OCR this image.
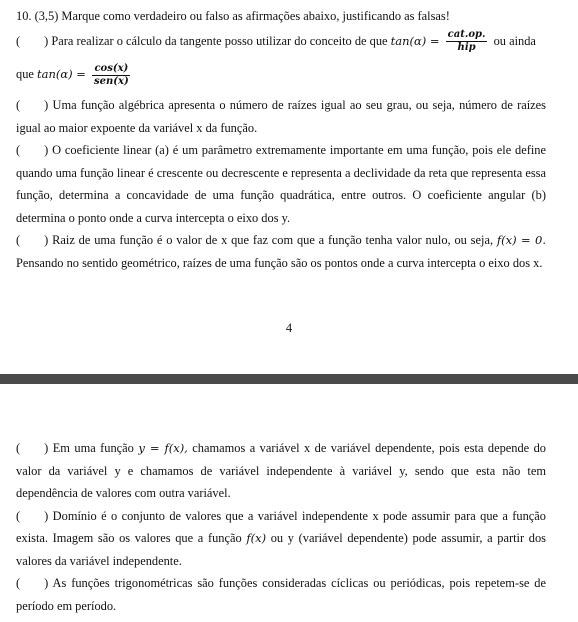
10. (3,5) Marque como verdadeiro ou falso as afirmações abaixo, justificando as falsas!

( ) Para realizar o cálculo da tangente posso utilizar do conceito de que $\tan(\alpha) = \frac{\text{cat.op.}}{\text{hip}}$ ou ainda

que $\tan(\alpha) = \frac{\cos(x)}{\text{sen(x)}}$

( ) Uma função algébrica apresenta o número de raízes igual ao seu grau, ou seja, número de raízes igual ao maior expoente da variável x da função.

( ) O coeficiente linear (a) é um parâmetro extremamente importante em uma função, pois ele define quando uma função linear é crescente ou decrescente e representa a declividade da reta que representa essa função, determina a concavidade de uma função quadrática, entre outros. O coeficiente angular (b) determina o ponto onde a curva intercepta o eixo dos y.

( ) Raiz de uma função é o valor de x que faz com que a função tenha valor nulo, ou seja, f(x) = 0. Pensando no sentido geométrico, raízes de uma função são os pontos onde a curva intercepta o eixo dos x.

4

( ) Em uma função y = f(x), chamamos a variável x de variável dependente, pois esta depende do valor da variável y e chamamos de variável independente à variável y, sendo que esta não tem dependência de valores com outra variável.

( ) Domínio é o conjunto de valores que a variável independente x pode assumir para que a função exista. Imagem são os valores que a função f(x) ou y (variável dependente) pode assumir, a partir dos valores da variável independente.

( ) As funções trigonométricas são funções consideradas cíclicas ou periódicas, pois repetem-se de período em período.
